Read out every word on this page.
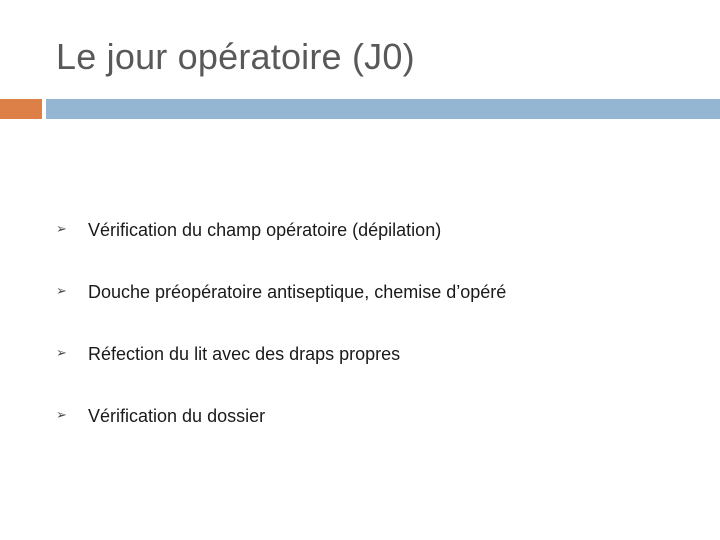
Le jour opératoire (J0)
➢	Vérification du champ opératoire (dépilation)
➢	Douche préopératoire antiseptique, chemise d’opéré
➢	Réfection du lit avec des draps propres
➢	Vérification du dossier
